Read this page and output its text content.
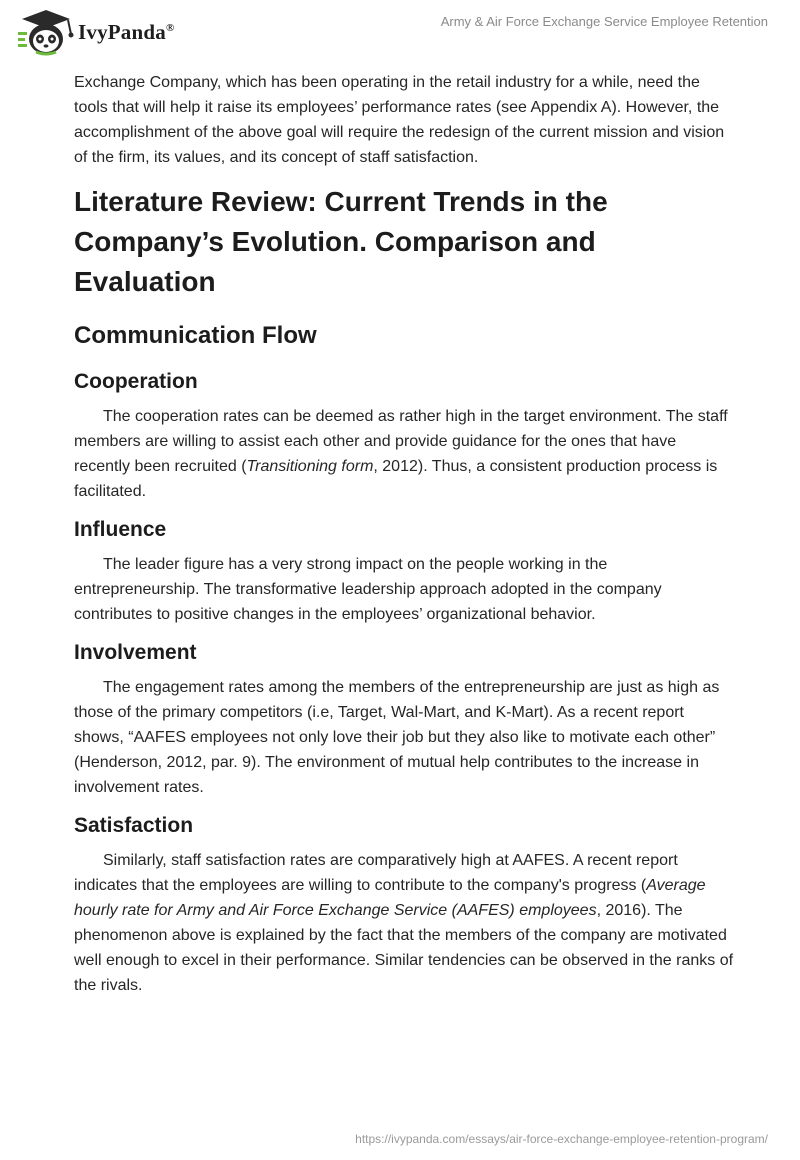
IvyPanda®	Army & Air Force Exchange Service Employee Retention

Exchange Company, which has been operating in the retail industry for a while, need the tools that will help it raise its employees’ performance rates (see Appendix A). However, the accomplishment of the above goal will require the redesign of the current mission and vision of the firm, its values, and its concept of staff satisfaction.

Literature Review: Current Trends in the Company’s Evolution. Comparison and Evaluation
Communication Flow
Cooperation

The cooperation rates can be deemed as rather high in the target environment. The staff members are willing to assist each other and provide guidance for the ones that have recently been recruited (Transitioning form, 2012). Thus, a consistent production process is facilitated.

Influence

The leader figure has a very strong impact on the people working in the entrepreneurship. The transformative leadership approach adopted in the company contributes to positive changes in the employees’ organizational behavior.

Involvement

The engagement rates among the members of the entrepreneurship are just as high as those of the primary competitors (i.e, Target, Wal-Mart, and K-Mart). As a recent report shows, “AAFES employees not only love their job but they also like to motivate each other” (Henderson, 2012, par. 9). The environment of mutual help contributes to the increase in involvement rates.

Satisfaction

Similarly, staff satisfaction rates are comparatively high at AAFES. A recent report indicates that the employees are willing to contribute to the company's progress (Average hourly rate for Army and Air Force Exchange Service (AAFES) employees, 2016). The phenomenon above is explained by the fact that the members of the company are motivated well enough to excel in their performance. Similar tendencies can be observed in the ranks of the rivals.

https://ivypanda.com/essays/air-force-exchange-employee-retention-program/
